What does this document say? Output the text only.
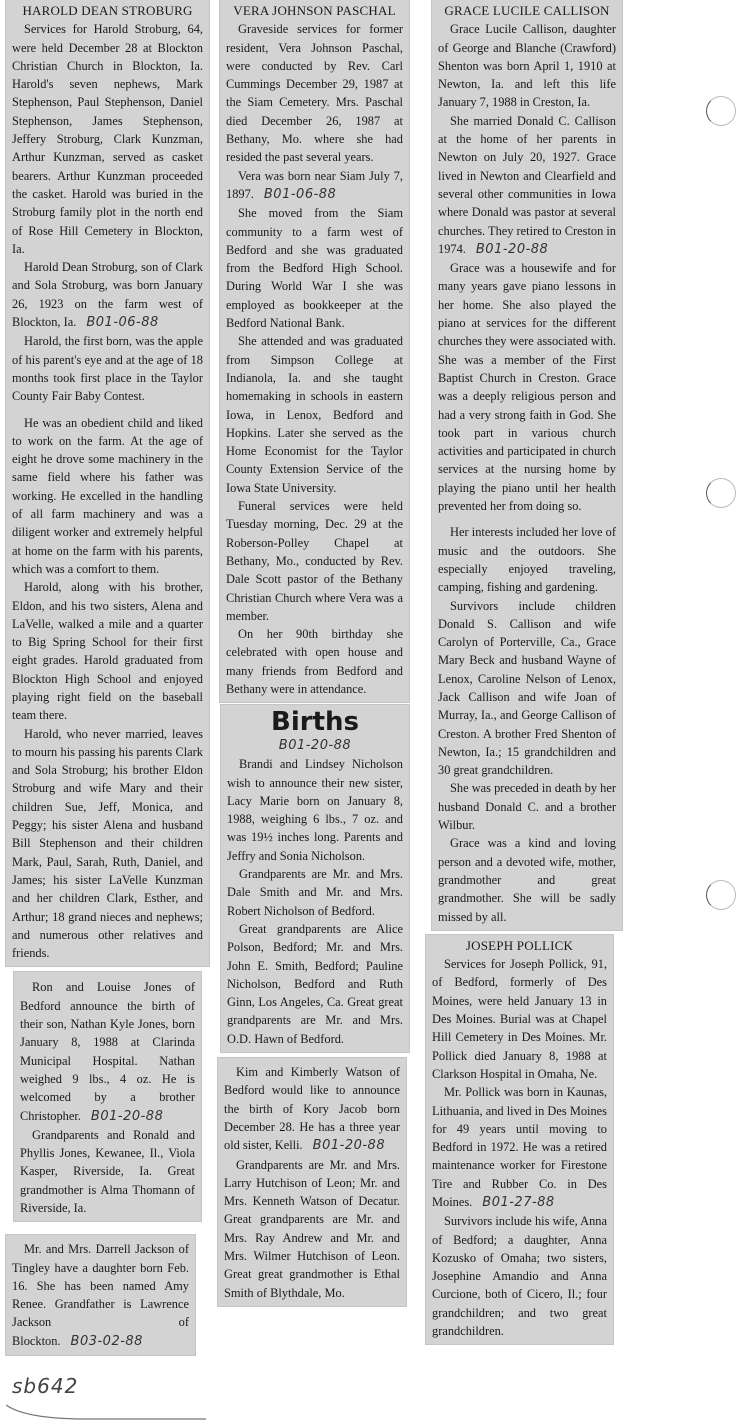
HAROLD DEAN STROBURG

Services for Harold Stroburg, 64, were held December 28 at Blockton Christian Church in Blockton, Ia. Harold's seven nephews, Mark Stephenson, Paul Stephenson, Daniel Stephenson, James Stephenson, Jeffery Stroburg, Clark Kunzman, Arthur Kunzman, served as casket bearers. Arthur Kunzman proceeded the casket. Harold was buried in the Stroburg family plot in the north end of Rose Hill Cemetery in Blockton, Ia.

Harold Dean Stroburg, son of Clark and Sola Stroburg, was born January 26, 1923 on the farm west of Blockton, Ia. B01-06-88

Harold, the first born, was the apple of his parent's eye and at the age of 18 months took first place in the Taylor County Fair Baby Contest.

He was an obedient child and liked to work on the farm. At the age of eight he drove some machinery in the same field where his father was working. He excelled in the handling of all farm machinery and was a diligent worker and extremely helpful at home on the farm with his parents, which was a comfort to them.

Harold, along with his brother, Eldon, and his two sisters, Alena and LaVelle, walked a mile and a quarter to Big Spring School for their first eight grades. Harold graduated from Blockton High School and enjoyed playing right field on the baseball team there.

Harold, who never married, leaves to mourn his passing his parents Clark and Sola Stroburg; his brother Eldon Stroburg and wife Mary and their children Sue, Jeff, Monica, and Peggy; his sister Alena and husband Bill Stephenson and their children Mark, Paul, Sarah, Ruth, Daniel, and James; his sister LaVelle Kunzman and her children Clark, Esther, and Arthur; 18 grand nieces and nephews; and numerous other relatives and friends.

Ron and Louise Jones of Bedford announce the birth of their son, Nathan Kyle Jones, born January 8, 1988 at Clarinda Municipal Hospital. Nathan weighed 9 lbs., 4 oz. He is welcomed by a brother Christopher. B01-20-88

Grandparents and Ronald and Phyllis Jones, Kewanee, Il., Viola Kasper, Riverside, Ia. Great grandmother is Alma Thomann of Riverside, Ia.

Mr. and Mrs. Darrell Jackson of Tingley have a daughter born Feb. 16. She has been named Amy Renee. Grandfather is Lawrence Jackson of Blockton. B03-02-88

sb642
VERA JOHNSON PASCHAL

Graveside services for former resident, Vera Johnson Paschal, were conducted by Rev. Carl Cummings December 29, 1987 at the Siam Cemetery. Mrs. Paschal died December 26, 1987 at Bethany, Mo. where she had resided the past several years.

Vera was born near Siam July 7, 1897. B01-06-88

She moved from the Siam community to a farm west of Bedford and she was graduated from the Bedford High School. During World War I she was employed as bookkeeper at the Bedford National Bank.

She attended and was graduated from Simpson College at Indianola, Ia. and she taught homemaking in schools in eastern Iowa, in Lenox, Bedford and Hopkins. Later she served as the Home Economist for the Taylor County Extension Service of the Iowa State University.

Funeral services were held Tuesday morning, Dec. 29 at the Roberson-Polley Chapel at Bethany, Mo., conducted by Rev. Dale Scott pastor of the Bethany Christian Church where Vera was a member.

On her 90th birthday she celebrated with open house and many friends from Bedford and Bethany were in attendance.

Births
B01-20-88

Brandi and Lindsey Nicholson wish to announce their new sister, Lacy Marie born on January 8, 1988, weighing 6 lbs., 7 oz. and was 19½ inches long. Parents and Jeffry and Sonia Nicholson.

Grandparents are Mr. and Mrs. Dale Smith and Mr. and Mrs. Robert Nicholson of Bedford.

Great grandparents are Alice Polson, Bedford; Mr. and Mrs. John E. Smith, Bedford; Pauline Nicholson, Bedford and Ruth Ginn, Los Angeles, Ca. Great great grandparents are Mr. and Mrs. O.D. Hawn of Bedford.

Kim and Kimberly Watson of Bedford would like to announce the birth of Kory Jacob born December 28. He has a three year old sister, Kelli. B01-20-88

Grandparents are Mr. and Mrs. Larry Hutchison of Leon; Mr. and Mrs. Kenneth Watson of Decatur. Great grandparents are Mr. and Mrs. Ray Andrew and Mr. and Mrs. Wilmer Hutchison of Leon. Great great grandmother is Ethal Smith of Blythdale, Mo.

GRACE LUCILE CALLISON

Grace Lucile Callison, daughter of George and Blanche (Crawford) Shenton was born April 1, 1910 at Newton, Ia. and left this life January 7, 1988 in Creston, Ia.

She married Donald C. Callison at the home of her parents in Newton on July 20, 1927. Grace lived in Newton and Clearfield and several other communities in Iowa where Donald was pastor at several churches. They retired to Creston in 1974. B01-20-88

Grace was a housewife and for many years gave piano lessons in her home. She also played the piano at services for the different churches they were associated with. She was a member of the First Baptist Church in Creston. Grace was a deeply religious person and had a very strong faith in God. She took part in various church activities and participated in church services at the nursing home by playing the piano until her health prevented her from doing so.

Her interests included her love of music and the outdoors. She especially enjoyed traveling, camping, fishing and gardening.

Survivors include children Donald S. Callison and wife Carolyn of Porterville, Ca., Grace Mary Beck and husband Wayne of Lenox, Caroline Nelson of Lenox, Jack Callison and wife Joan of Murray, Ia., and George Callison of Creston. A brother Fred Shenton of Newton, Ia.; 15 grandchildren and 30 great grandchildren.

She was preceded in death by her husband Donald C. and a brother Wilbur.

Grace was a kind and loving person and a devoted wife, mother, grandmother and great grandmother. She will be sadly missed by all.

JOSEPH POLLICK

Services for Joseph Pollick, 91, of Bedford, formerly of Des Moines, were held January 13 in Des Moines. Burial was at Chapel Hill Cemetery in Des Moines. Mr. Pollick died January 8, 1988 at Clarkson Hospital in Omaha, Ne.

Mr. Pollick was born in Kaunas, Lithuania, and lived in Des Moines for 49 years until moving to Bedford in 1972. He was a retired maintenance worker for Firestone Tire and Rubber Co. in Des Moines. B01-27-88

Survivors include his wife, Anna of Bedford; a daughter, Anna Kozusko of Omaha; two sisters, Josephine Amandio and Anna Curcione, both of Cicero, Il.; four grandchildren; and two great grandchildren.
